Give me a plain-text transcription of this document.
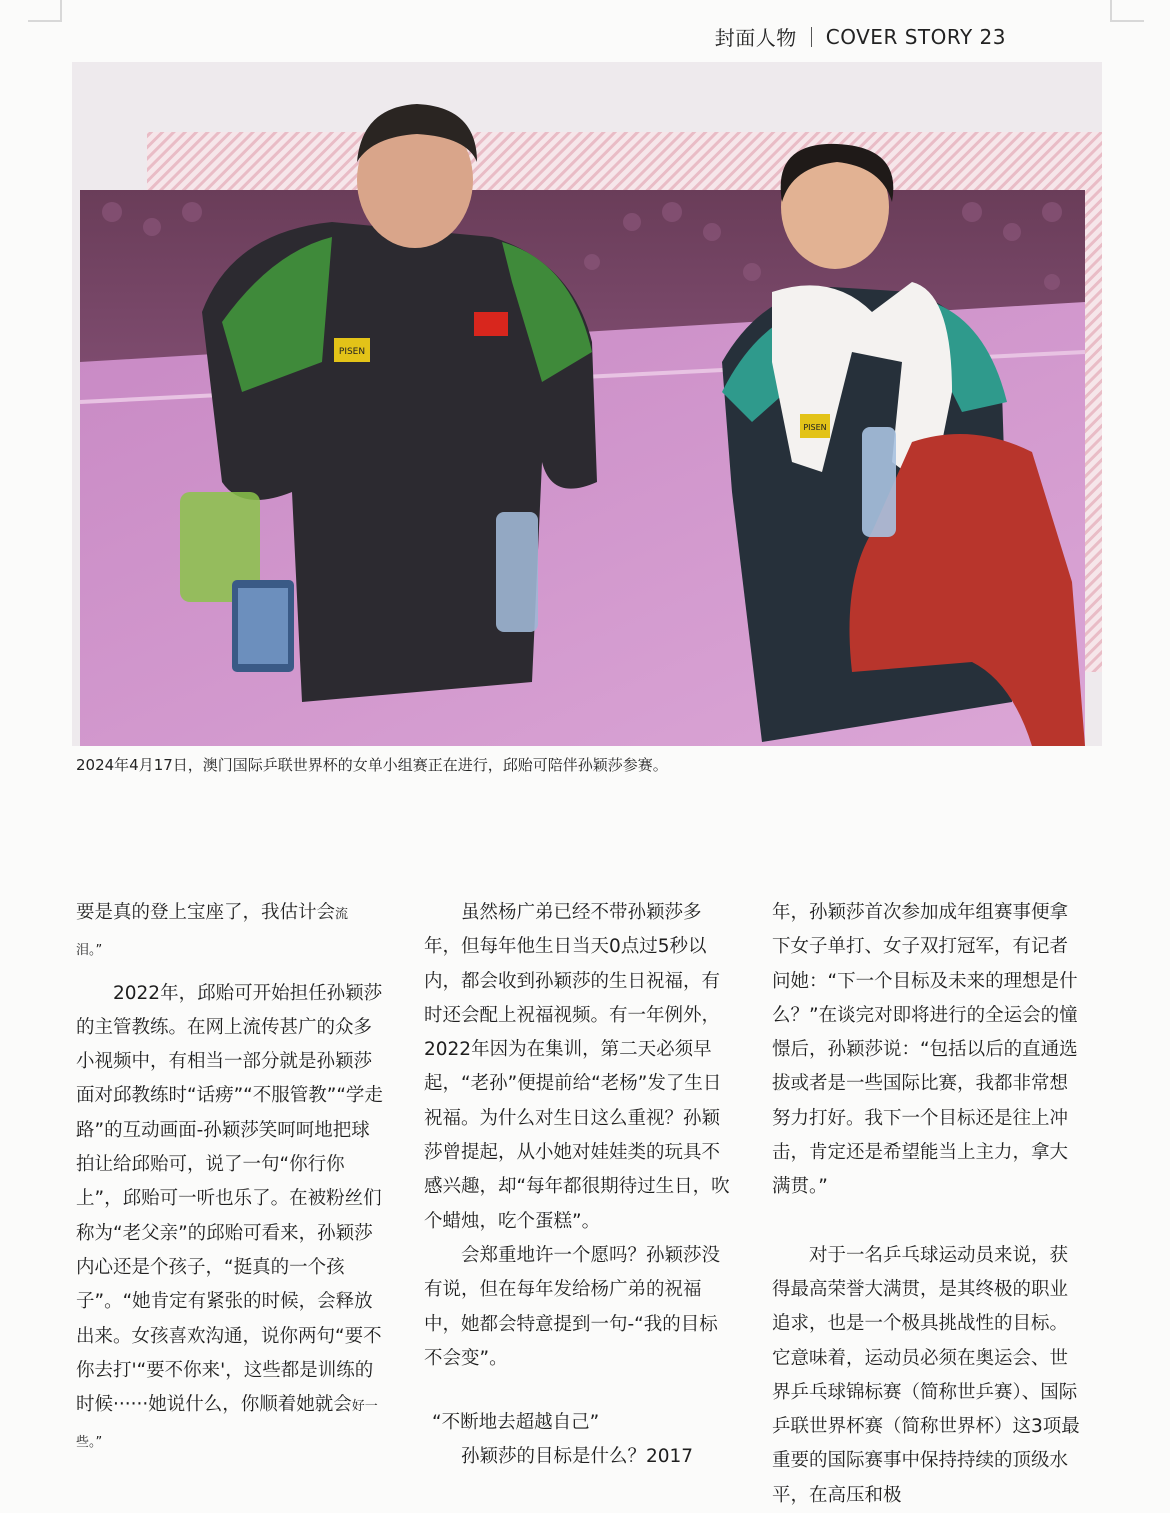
封面人物 COVER STORY 23
PISEN
PISEN
2024年4月17日，澳门国际乒联世界杯的女单小组赛正在进行，邱贻可陪伴孙颖莎参赛。

要是真的登上宝座了，我估计会流
泪。”

2022年，邱贻可开始担任孙颖莎的主管教练。在网上流传甚广的众多小视频中，有相当一部分就是孙颖莎面对邱教练时“话痨”“不服管教”“学走路”的互动画面-孙颖莎笑呵呵地把球拍让给邱贻可，说了一句“你行你上”，邱贻可一听也乐了。在被粉丝们称为“老父亲”的邱贻可看来，孙颖莎内心还是个孩子，“挺真的一个孩子”。“她肯定有紧张的时候，会释放出来。女孩喜欢沟通，说你两句“要不你去打'“要不你来'，这些都是训练的时候······她说什么，你顺着她就会好一些。”

虽然杨广弟已经不带孙颖莎多年，但每年他生日当天0点过5秒以内，都会收到孙颖莎的生日祝福，有时还会配上祝福视频。有一年例外，2022年因为在集训，第二天必须早起，“老孙”便提前给“老杨”发了生日祝福。为什么对生日这么重视？孙颖莎曾提起，从小她对娃娃类的玩具不感兴趣，却“每年都很期待过生日，吹个蜡烛，吃个蛋糕”。

会郑重地许一个愿吗？孙颖莎没有说，但在每年发给杨广弟的祝福中，她都会特意提到一句-“我的目标不会变”。

“不断地去超越自己”

孙颖莎的目标是什么？2017

年，孙颖莎首次参加成年组赛事便拿下女子单打、女子双打冠军，有记者问她：“下一个目标及未来的理想是什么？”在谈完对即将进行的全运会的憧憬后，孙颖莎说：“包括以后的直通选拔或者是一些国际比赛，我都非常想努力打好。我下一个目标还是往上冲击，肯定还是希望能当上主力，拿大满贯。”

对于一名乒乓球运动员来说，获得最高荣誉大满贯，是其终极的职业追求，也是一个极具挑战性的目标。它意味着，运动员必须在奥运会、世界乒乓球锦标赛（简称世乒赛）、国际乒联世界杯赛（简称世界杯）这3项最重要的国际赛事中保持持续的顶级水平，在高压和极
